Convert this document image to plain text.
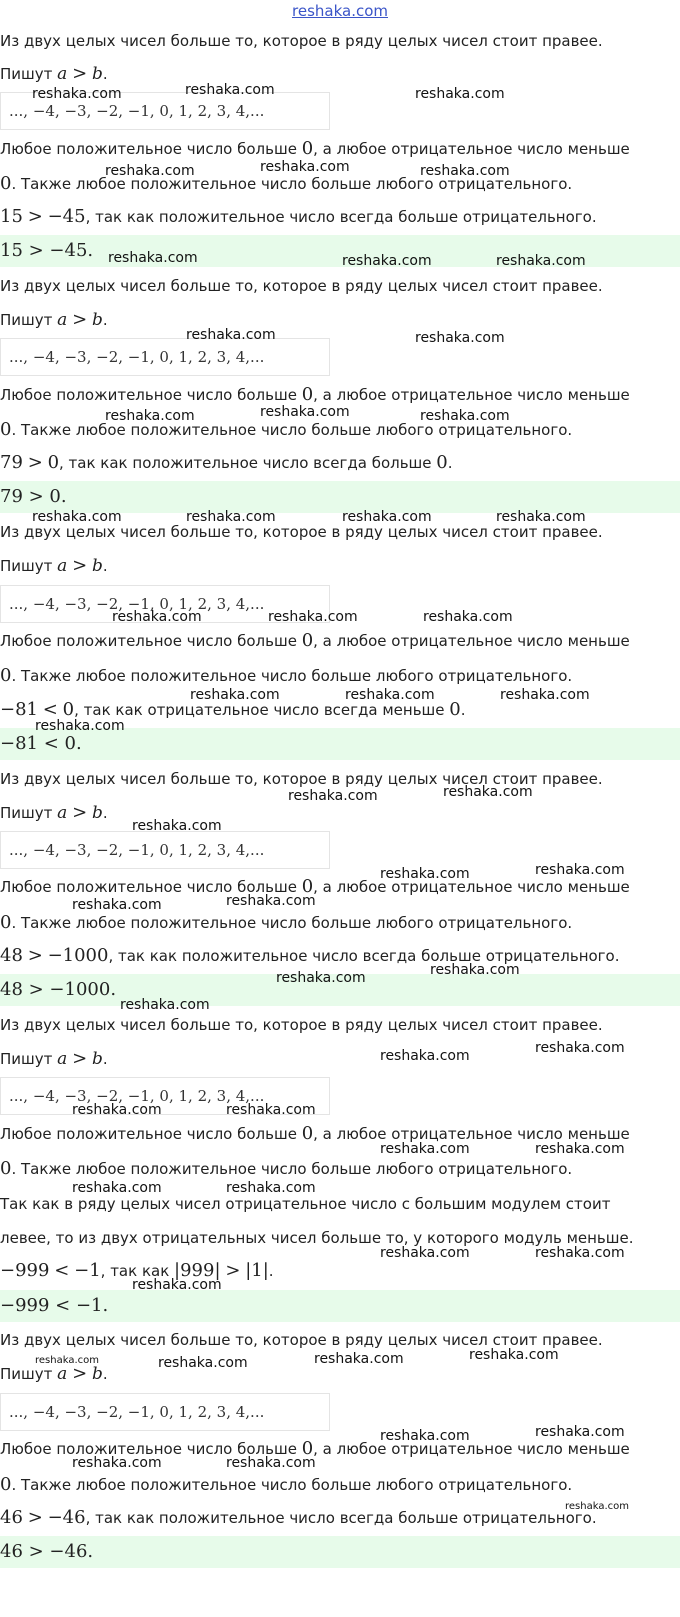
reshaka.com
Из двух целых чисел больше то, которое в ряду целых чисел стоит правее.
Пишут a > b.
..., −4, −3, −2, −1, 0, 1, 2, 3, 4,...
Любое положительное число больше 0, а любое отрицательное число меньше
0. Также любое положительное число больше любого отрицательного.
15 > −45, так как положительное число всегда больше отрицательного.
15 > −45.
Из двух целых чисел больше то, которое в ряду целых чисел стоит правее.
Пишут a > b.
..., −4, −3, −2, −1, 0, 1, 2, 3, 4,...
Любое положительное число больше 0, а любое отрицательное число меньше
0. Также любое положительное число больше любого отрицательного.
79 > 0, так как положительное число всегда больше 0.
79 > 0.
Из двух целых чисел больше то, которое в ряду целых чисел стоит правее.
Пишут a > b.
..., −4, −3, −2, −1, 0, 1, 2, 3, 4,...
Любое положительное число больше 0, а любое отрицательное число меньше
0. Также любое положительное число больше любого отрицательного.
−81 < 0, так как отрицательное число всегда меньше 0.
−81 < 0.
Из двух целых чисел больше то, которое в ряду целых чисел стоит правее.
Пишут a > b.
..., −4, −3, −2, −1, 0, 1, 2, 3, 4,...
Любое положительное число больше 0, а любое отрицательное число меньше
0. Также любое положительное число больше любого отрицательного.
48 > −1000, так как положительное число всегда больше отрицательного.
48 > −1000.
Из двух целых чисел больше то, которое в ряду целых чисел стоит правее.
Пишут a > b.
..., −4, −3, −2, −1, 0, 1, 2, 3, 4,...
Любое положительное число больше 0, а любое отрицательное число меньше
0. Также любое положительное число больше любого отрицательного.
Так как в ряду целых чисел отрицательное число с большим модулем стоит
левее, то из двух отрицательных чисел больше то, у которого модуль меньше.
−999 < −1, так как |999| > |1|.
−999 < −1.
Из двух целых чисел больше то, которое в ряду целых чисел стоит правее.
Пишут a > b.
..., −4, −3, −2, −1, 0, 1, 2, 3, 4,...
Любое положительное число больше 0, а любое отрицательное число меньше
0. Также любое положительное число больше любого отрицательного.
46 > −46, так как положительное число всегда больше отрицательного.
46 > −46.
reshaka.com	reshaka.com	reshaka.com
reshaka.com	reshaka.com	reshaka.com
reshaka.com	reshaka.com	reshaka.com
reshaka.com	reshaka.com
reshaka.com	reshaka.com	reshaka.com
reshaka.com	reshaka.com	reshaka.com	reshaka.com
reshaka.com	reshaka.com	reshaka.com
reshaka.com	reshaka.com	reshaka.com
reshaka.com
reshaka.com	reshaka.com
reshaka.com
reshaka.com	reshaka.com
reshaka.com	reshaka.com
reshaka.com	reshaka.com
reshaka.com
reshaka.com	reshaka.com
reshaka.com	reshaka.com
reshaka.com	reshaka.com
reshaka.com	reshaka.com
reshaka.com	reshaka.com
reshaka.com
reshaka.com	reshaka.com	reshaka.com	reshaka.com
reshaka.com	reshaka.com
reshaka.com	reshaka.com
reshaka.com
